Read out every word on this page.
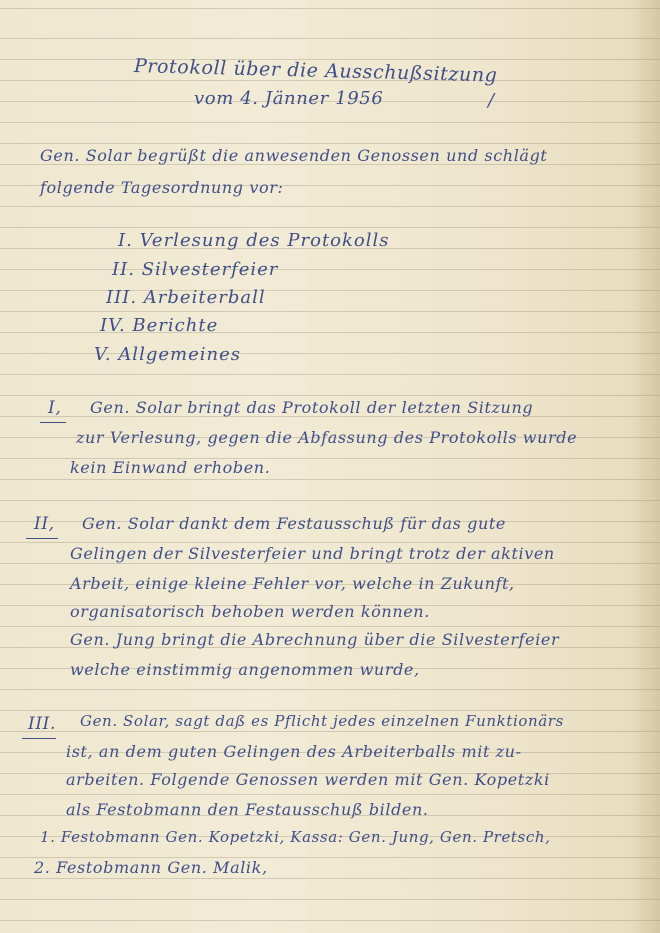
Protokoll über die Ausschußsitzung
vom 4. Jänner 1956	/
Gen. Solar begrüßt die anwesenden Genossen und schlägt
folgende Tagesordnung vor:
I. Verlesung des Protokolls
II. Silvesterfeier
III. Arbeiterball
IV. Berichte
V. Allgemeines
I, Gen. Solar bringt das Protokoll der letzten Sitzung
zur Verlesung, gegen die Abfassung des Protokolls wurde
kein Einwand erhoben.
II, Gen. Solar dankt dem Festausschuß für das gute
Gelingen der Silvesterfeier und bringt trotz der aktiven
Arbeit, einige kleine Fehler vor, welche in Zukunft,
organisatorisch behoben werden können.
Gen. Jung bringt die Abrechnung über die Silvesterfeier
welche einstimmig angenommen wurde,
III. Gen. Solar, sagt daß es Pflicht jedes einzelnen Funktionärs
ist, an dem guten Gelingen des Arbeiterballs mit zu-
arbeiten. Folgende Genossen werden mit Gen. Kopetzki
als Festobmann den Festausschuß bilden.
1. Festobmann Gen. Kopetzki, Kassa: Gen. Jung, Gen. Pretsch,
2. Festobmann Gen. Malik,
